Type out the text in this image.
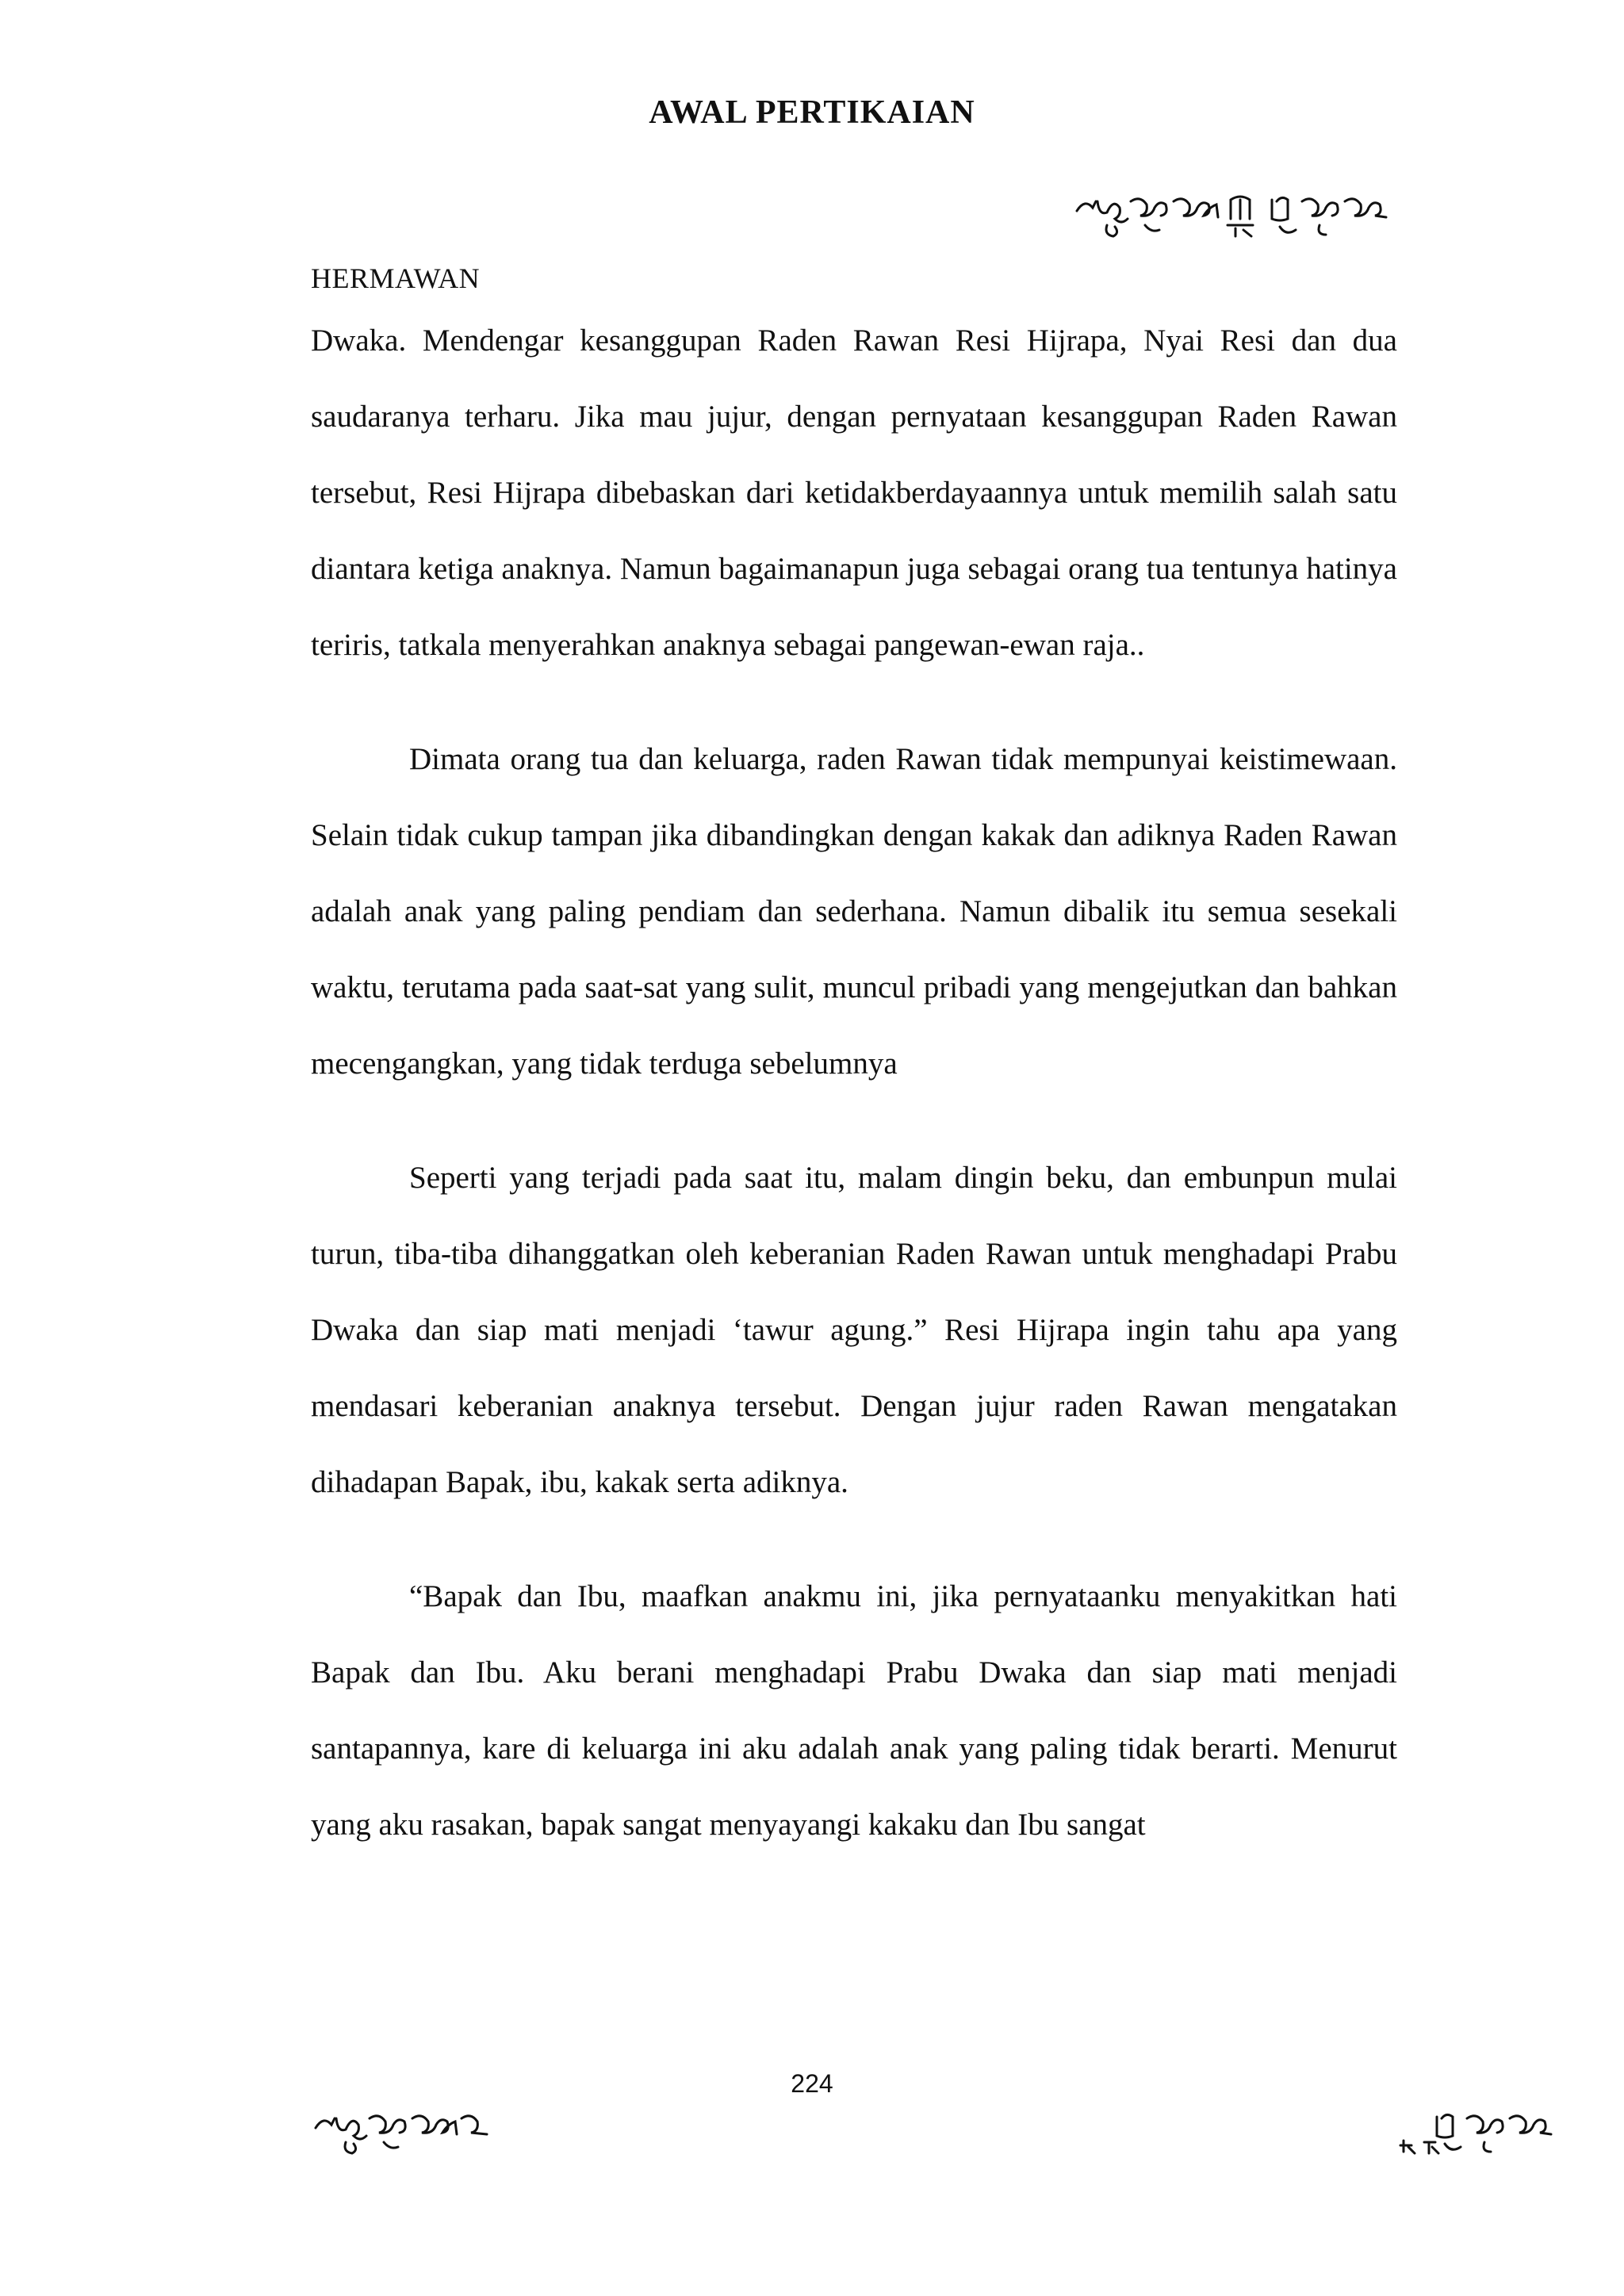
AWAL PERTIKAIAN
HERMAWAN

Dwaka. Mendengar kesanggupan Raden Rawan Resi Hijrapa, Nyai Resi dan dua saudaranya terharu. Jika mau jujur, dengan pernyataan kesanggupan Raden Rawan tersebut, Resi Hijrapa dibebaskan dari ketidakberdayaannya untuk memilih salah satu diantara ketiga anaknya. Namun bagaimanapun juga sebagai orang tua tentunya hatinya teriris, tatkala menyerahkan anaknya sebagai pangewan-ewan raja..

Dimata orang tua dan keluarga, raden Rawan tidak mempunyai keistimewaan. Selain tidak cukup tampan jika dibandingkan dengan kakak dan adiknya Raden Rawan adalah anak yang paling pendiam dan sederhana. Namun dibalik itu semua sesekali waktu, terutama pada saat-sat yang sulit, muncul pribadi yang mengejutkan dan bahkan mecengangkan, yang tidak terduga sebelumnya

Seperti yang terjadi pada saat itu, malam dingin beku, dan embunpun mulai turun, tiba-tiba dihanggatkan oleh keberanian Raden Rawan untuk menghadapi Prabu Dwaka dan siap mati menjadi ‘tawur agung.” Resi Hijrapa ingin tahu apa yang mendasari keberanian anaknya tersebut. Dengan jujur raden Rawan mengatakan dihadapan Bapak, ibu, kakak serta adiknya.

“Bapak dan Ibu, maafkan anakmu ini, jika pernyataanku menyakitkan hati Bapak dan Ibu. Aku berani menghadapi Prabu Dwaka dan siap mati menjadi santapannya, kare di keluarga ini aku adalah anak yang paling tidak berarti. Menurut yang aku rasakan, bapak sangat menyayangi kakaku dan Ibu sangat

224
